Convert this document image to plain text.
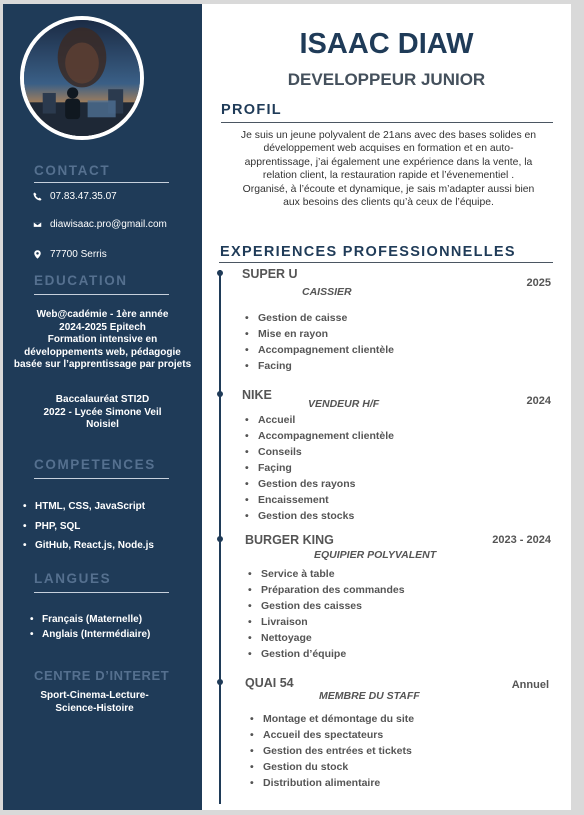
CONTACT
07.83.47.35.07
diawisaac.pro@gmail.com
77700 Serris
EDUCATION

Web@cadémie - 1ère année

2024-2025 Epitech

Formation intensive en

développements web, pédagogie

basée sur l’apprentissage par projets

Baccalauréat STI2D

2022 - Lycée Simone Veil

Noisiel

COMPETENCES
• HTML, CSS, JavaScript
• PHP, SQL
• GitHub, React.js, Node.js
LANGUES
• Français (Maternelle)
• Anglais (Intermédiaire)
CENTRE D’INTERET

Sport-Cinema-Lecture-

Science-Histoire

ISAAC DIAW
DEVELOPPEUR JUNIOR
PROFIL

Je suis un jeune polyvalent de 21ans avec des bases solides en

développement web acquises en formation et en auto-

apprentissage, j’ai également une expérience dans la vente, la

relation client, la restauration rapide et l’évenementiel .

Organisé, à l’écoute et dynamique, je sais m’adapter aussi bien

aux besoins des clients qu’à ceux de l’équipe.

EXPERIENCES PROFESSIONNELLES
SUPER U
CAISSIER
2025
• Gestion de caisse
• Mise en rayon
• Accompagnement clientèle
• Facing
NIKE
VENDEUR H/F	2024
• Accueil
• Accompagnement clientèle
• Conseils
• Façing
• Gestion des rayons
• Encaissement
• Gestion des stocks
BURGER KING
EQUIPIER POLYVALENT
2023 - 2024
• Service à table
• Préparation des commandes
• Gestion des caisses
• Livraison
• Nettoyage
• Gestion d’équipe
QUAI 54
MEMBRE DU STAFF
Annuel
• Montage et démontage du site
• Accueil des spectateurs
• Gestion des entrées et tickets
• Gestion du stock
• Distribution alimentaire
